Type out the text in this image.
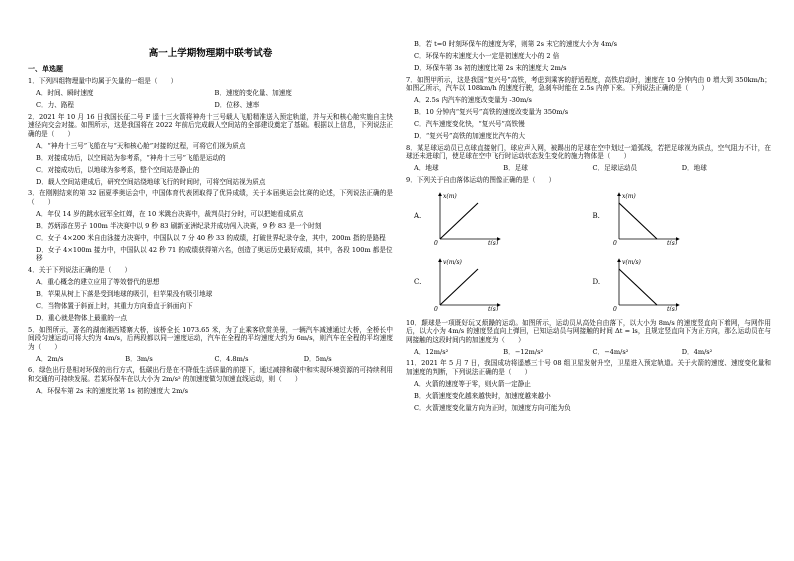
高一上学期物理期中联考试卷
一、单选题

1．下列四组物理量中均属于矢量的一组是（　　）

A．时间、瞬时速度	B．速度的变化量、加速度
C．力、路程	D．位移、速率

2．2021 年 10 月 16 日我国长征二号 F 遥十三火箭将神舟十三号载人飞船精准送入预定轨道，并与天和核心舱实施自主快速径向交会对接。如图所示，这是我国将在 2022 年前后完成载人空间站的全部建设奠定了基础。根据以上信息，下列说法正确的是（　　）

A．“神舟十三号”飞船在与“天和核心舱”对接的过程，可将它们视为质点

B．对接成功后，以空间站为参考系，“神舟十三号”飞船是运动的

C．对接成功后，以地球为参考系，整个空间站是静止的

D．载人空间站建成后，研究空间站绕地球飞行的时间时，可将空间站视为质点

3．在刚刚结束的第 32 届夏季奥运会中，中国体育代表团取得了优异成绩，关于本届奥运会比赛的论述，下列说法正确的是（　　）

A．年仅 14 岁的跳水冠军全红婵，在 10 米跳台决赛中，裁判员打分时，可以把她看成质点

B．苏炳添在男子 100m 半决赛中以 9 秒 83 刷新亚洲纪录并成功闯入决赛，9 秒 83 是一个时刻

C．女子 4×200 米自由泳接力决赛中，中国队以 7 分 40 秒 33 的成绩，打破世界纪录夺金，其中，200m 指的是路程

D．女子 4×100m 接力中，中国队以 42 秒 71 的成绩获得第六名，创造了奥运历史最好成绩，其中，各段 100m 都是位移

4．关于下列说法正确的是（　　）

A．重心概念的建立应用了等效替代的思想

B．苹果从树上下落是受到地球的吸引，但苹果没有吸引地球

C．当物体置于斜面上时，其重力方向垂直于斜面向下

D．重心就是物体上最重的一点

5．如图所示，著名的湖南湘西矮寨大桥，该桥全长 1073.65 米，为了止乘客欣赏美景，一辆汽车减速通过大桥，全桥长中间段匀速运动可将大约为 4m/s，后两段都以同一速度运动，汽车在全程的平均速度大约为 6m/s，则汽车在全程的平均速度为（　　）

A．2m/s	B．3m/s	C．4.8m/s	D．5m/s

6．绿色出行是相对环保的出行方式，低碳出行是在不降低生活质量的前提下，通过减排和碳中和实现环境资源的可持续利用和交通的可持续发展。若某环保车在以大小为 2m/s² 的加速度做匀加速直线运动，则（　　）

A．环保车第 2s 末的速度比第 1s 初的速度大 2m/s

B．若 t=0 时刻环保车的速度为零，则第 2s 末它的速度大小为 4m/s

C．环保车的末速度大小一定是初速度大小的 2 倍

D．环保车第 3s 初的速度比第 2s 末的速度大 2m/s

7．如图甲所示，这是我国“复兴号”高铁，考虑到乘客的舒适程度，高铁启动时，速度在 10 分钟内由 0 增大到 350km/h；如图乙所示，汽车以 108km/h 的速度行驶，急刹车时能在 2.5s 内停下来。下列说法正确的是（　　）

A．2.5s 内汽车的速度改变量为 -30m/s

B．10 分钟内“复兴号”高铁的速度改变量为 350m/s

C．汽车速度变化快，“复兴号”高铁慢

D．“复兴号”高铁的加速度比汽车的大

8．某足球运动员已点球直接射门，球应声入网，被踢出的足球在空中划过一道弧线，若把足球视为质点，空气阻力不计，在球还未进球门，使足球在空中飞行时运动状态发生变化的施力物体是（　　）

A．地球	B．足球	C．足球运动员	D．地球

9．下列关于自由落体运动的图像正确的是（　　）

A.
x(m)
t(s)
0
B.
x(m)
t(s)
0
C.
v(m/s)
t(s)
0
D.
v(m/s)
t(s)
0

10．颠球是一项既好玩又烦躁的运动。如图所示，运动员从高处自由落下，以大小为 8m/s 的速度竖直向下着网，与网作用后，以大小为 4m/s 的速度竖直向上弹回，已知运动员与网接触的时间 Δt = ls，且规定竖直向下为正方向，那么运动员在与网接触的这段时间内的加速度为（　　）

A．12m/s²	B．−12m/s²	C．−4m/s²	D．4m/s²

11．2021 年 5 月 7 日，我国成功将遥感三十号 08 组卫星发射升空，卫星进入预定轨道。关于火箭的速度、速度变化量和加速度的判断，下列说法正确的是（　　）

A．火箭的速度等于零，则火箭一定静止

B．火箭速度变化越来越快时，加速度越来越小

C．火箭速度变化量方向为正时，加速度方向可能为负
